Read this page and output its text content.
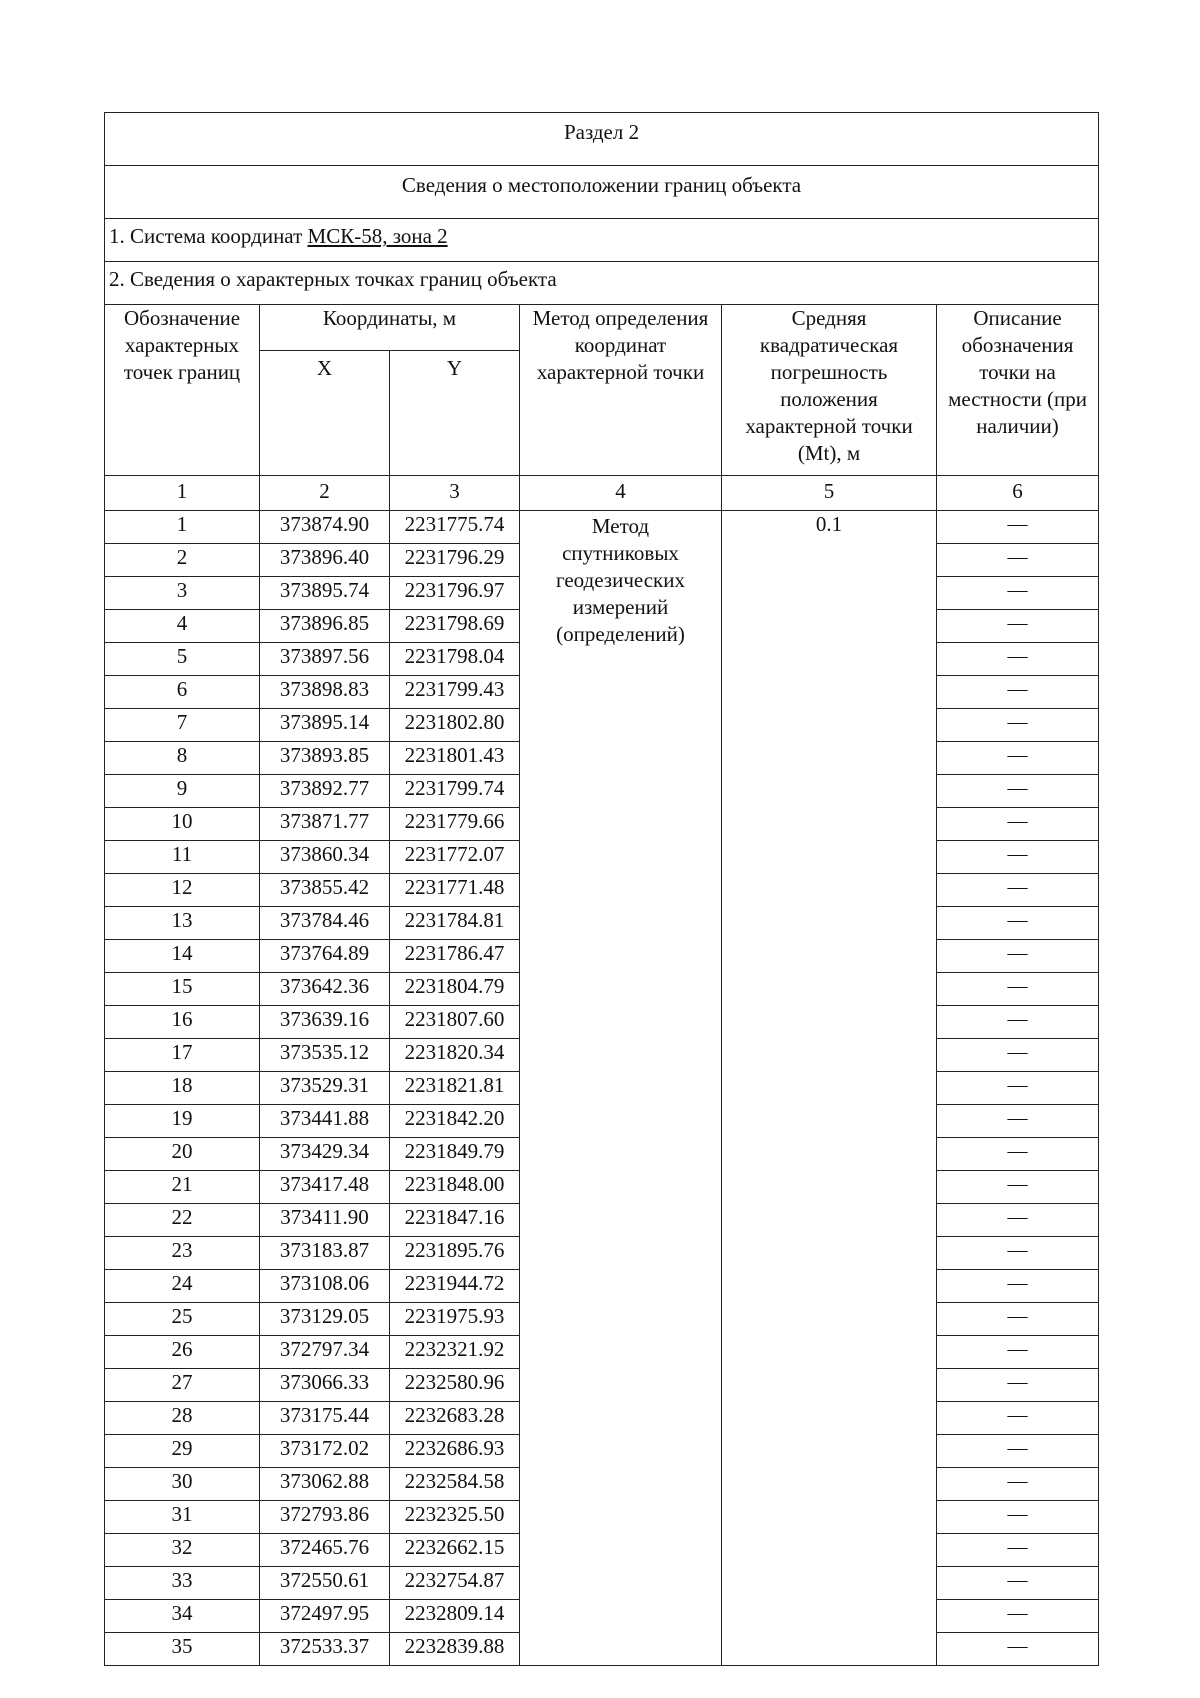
Раздел 2					
Сведения о местоположении границ объекта					
1. Система координат МСК-58, зона 2					
2. Сведения о характерных точках границ объекта					
Обозначение характерных точек границ	Координаты, м		Метод определения координат характерной точки	Средняя квадратическая погрешность положения характерной точки (Mt), м	Описание обозначения точки на местности (при наличии)
	X	Y			
1	2	3	4	5	6
1	373874.90	2231775.74	Метод спутниковых геодезических измерений (определений)	0.1	—
2	373896.40	2231796.29			—
3	373895.74	2231796.97			—
4	373896.85	2231798.69			—
5	373897.56	2231798.04			—
6	373898.83	2231799.43			—
7	373895.14	2231802.80			—
8	373893.85	2231801.43			—
9	373892.77	2231799.74			—
10	373871.77	2231779.66			—
11	373860.34	2231772.07			—
12	373855.42	2231771.48			—
13	373784.46	2231784.81			—
14	373764.89	2231786.47			—
15	373642.36	2231804.79			—
16	373639.16	2231807.60			—
17	373535.12	2231820.34			—
18	373529.31	2231821.81			—
19	373441.88	2231842.20			—
20	373429.34	2231849.79			—
21	373417.48	2231848.00			—
22	373411.90	2231847.16			—
23	373183.87	2231895.76			—
24	373108.06	2231944.72			—
25	373129.05	2231975.93			—
26	372797.34	2232321.92			—
27	373066.33	2232580.96			—
28	373175.44	2232683.28			—
29	373172.02	2232686.93			—
30	373062.88	2232584.58			—
31	372793.86	2232325.50			—
32	372465.76	2232662.15			—
33	372550.61	2232754.87			—
34	372497.95	2232809.14			—
35	372533.37	2232839.88			—
